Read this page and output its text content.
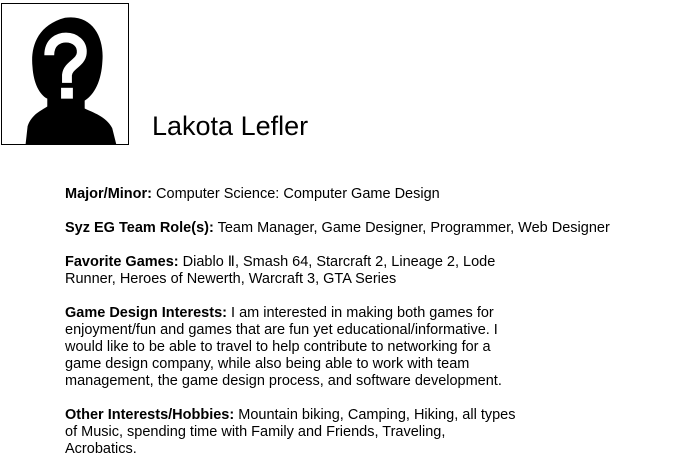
Lakota Lefler

Major/Minor: Computer Science: Computer Game Design

Syz EG Team Role(s): Team Manager, Game Designer, Programmer, Web Designer

Favorite Games: Diablo Ⅱ, Smash 64, Starcraft 2, Lineage 2, Lode
Runner, Heroes of Newerth, Warcraft 3, GTA Series

Game Design Interests: I am interested in making both games for
enjoyment/fun and games that are fun yet educational/informative. I
would like to be able to travel to help contribute to networking for a
game design company, while also being able to work with team
management, the game design process, and software development.

Other Interests/Hobbies: Mountain biking, Camping, Hiking, all types
of Music, spending time with Family and Friends, Traveling,
Acrobatics.
